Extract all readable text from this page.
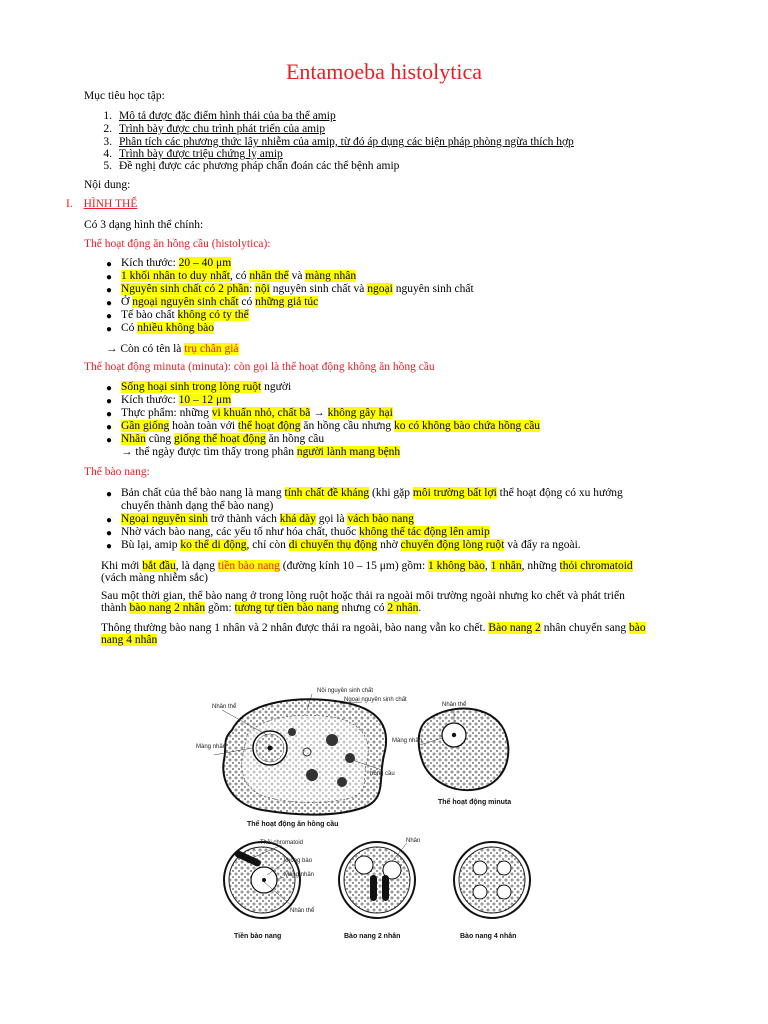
Entamoeba histolytica
Mục tiêu học tập:
1. Mô tả được đặc điểm hình thái của ba thể amip
2. Trình bày được chu trình phát triển của amip
3. Phân tích các phương thức lây nhiễm của amip, từ đó áp dụng các biện pháp phòng ngừa thích hợp
4. Trình bày được triệu chứng lỵ amip
5. Đề nghị được các phương pháp chẩn đoán các thể bệnh amip
Nội dung:
I. HÌNH THỂ
Có 3 dạng hình thể chính:
Thể hoạt động ăn hồng cầu (histolytica):
● Kích thước: 20 – 40 μm
● 1 khối nhân to duy nhất, có nhân thể và màng nhân
● Nguyên sinh chất có 2 phần: nội nguyên sinh chất và ngoại nguyên sinh chất
● Ở ngoại nguyên sinh chất có những giả túc
● Tế bào chất không có ty thể
● Có nhiều không bào
→ Còn có tên là trụ chân giả
Thể hoạt động minuta (minuta): còn gọi là thể hoạt động không ăn hồng cầu
● Sống hoại sinh trong lòng ruột người
● Kích thước: 10 – 12 μm
● Thực phẩm: những vi khuẩn nhỏ, chất bã → không gây hại
● Gần giống hoàn toàn với thể hoạt động ăn hồng cầu nhưng ko có không bào chứa hồng cầu
● Nhân cũng giống thể hoạt động ăn hồng cầu
→ thể ngày được tìm thấy trong phân người lành mang bệnh
Thể bào nang:
● Bản chất của thể bào nang là mang tính chất đề kháng (khi gặp môi trường bất lợi thể hoạt động có xu hướng
chuyển thành dạng thể bào nang)
● Ngoại nguyên sinh trở thành vách khá dày gọi là vách bào nang
● Nhờ vách bào nang, các yếu tố như hóa chất, thuốc không thể tác động lên amip
● Bù lại, amip ko thể di động, chỉ còn di chuyển thụ động nhờ chuyển động lòng ruột và đẩy ra ngoài.
Khi mới bắt đầu, là dạng tiền bào nang (đường kính 10 – 15 μm) gồm: 1 không bào, 1 nhân, những thỏi chromatoid
(vách màng nhiễm sắc)
Sau một thời gian, thể bào nang ở trong lòng ruột hoặc thải ra ngoài môi trường ngoài nhưng ko chết và phát triển
thành bào nang 2 nhân gồm: tương tự tiền bào nang nhưng có 2 nhân.
Thông thường bào nang 1 nhân và 2 nhân được thải ra ngoài, bào nang vẫn ko chết. Bào nang 2 nhân chuyển sang bào
nang 4 nhân
Nội nguyên sinh chất
Ngoại nguyên sinh chất
Nhân thể
Màng nhân
hồng cầu
Nhân thể
Màng nhân
Thỏi chromatoid
không bào
Màng nhân
Nhân thể
Nhân
Thể hoạt động ăn hồng cầu
Thể hoạt động minuta
Tiền bào nang	Bào nang 2 nhân	Bào nang 4 nhân
